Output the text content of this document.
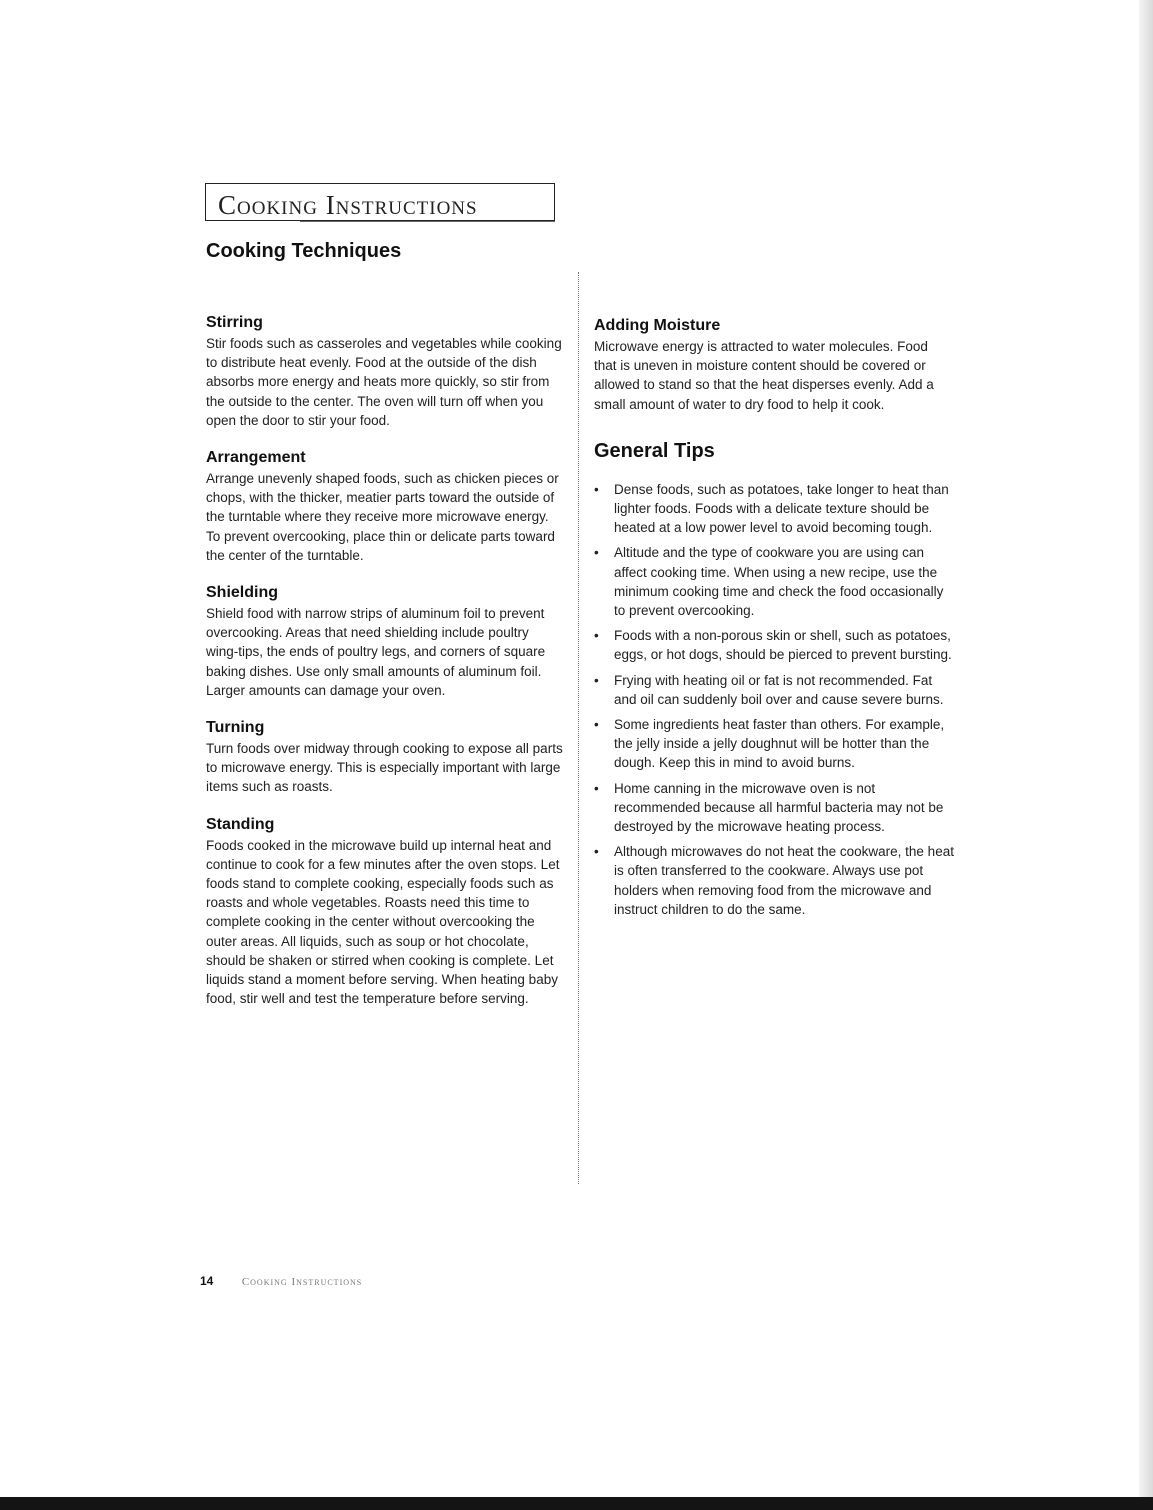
Cooking Instructions
Cooking Techniques
Stirring

Stir foods such as casseroles and vegetables while cooking to distribute heat evenly. Food at the outside of the dish absorbs more energy and heats more quickly, so stir from the outside to the center. The oven will turn off when you open the door to stir your food.

Arrangement

Arrange unevenly shaped foods, such as chicken pieces or chops, with the thicker, meatier parts toward the outside of the turntable where they receive more microwave energy. To prevent overcooking, place thin or delicate parts toward the center of the turntable.

Shielding

Shield food with narrow strips of aluminum foil to prevent overcooking. Areas that need shielding include poultry wing-tips, the ends of poultry legs, and corners of square baking dishes. Use only small amounts of aluminum foil. Larger amounts can damage your oven.

Turning

Turn foods over midway through cooking to expose all parts to microwave energy. This is especially important with large items such as roasts.

Standing

Foods cooked in the microwave build up internal heat and continue to cook for a few minutes after the oven stops. Let foods stand to complete cooking, especially foods such as roasts and whole vegetables. Roasts need this time to complete cooking in the center without overcooking the outer areas. All liquids, such as soup or hot chocolate, should be shaken or stirred when cooking is complete. Let liquids stand a moment before serving. When heating baby food, stir well and test the temperature before serving.

Adding Moisture

Microwave energy is attracted to water molecules. Food that is uneven in moisture content should be covered or allowed to stand so that the heat disperses evenly. Add a small amount of water to dry food to help it cook.

General Tips
• Dense foods, such as potatoes, take longer to heat than lighter foods. Foods with a delicate texture should be heated at a low power level to avoid becoming tough.
• Altitude and the type of cookware you are using can affect cooking time. When using a new recipe, use the minimum cooking time and check the food occasionally to prevent overcooking.
• Foods with a non-porous skin or shell, such as potatoes, eggs, or hot dogs, should be pierced to prevent bursting.
• Frying with heating oil or fat is not recommended. Fat and oil can suddenly boil over and cause severe burns.
• Some ingredients heat faster than others. For example, the jelly inside a jelly doughnut will be hotter than the dough. Keep this in mind to avoid burns.
• Home canning in the microwave oven is not recommended because all harmful bacteria may not be destroyed by the microwave heating process.
• Although microwaves do not heat the cookware, the heat is often transferred to the cookware. Always use pot holders when removing food from the microwave and instruct children to do the same.
14	Cooking Instructions
